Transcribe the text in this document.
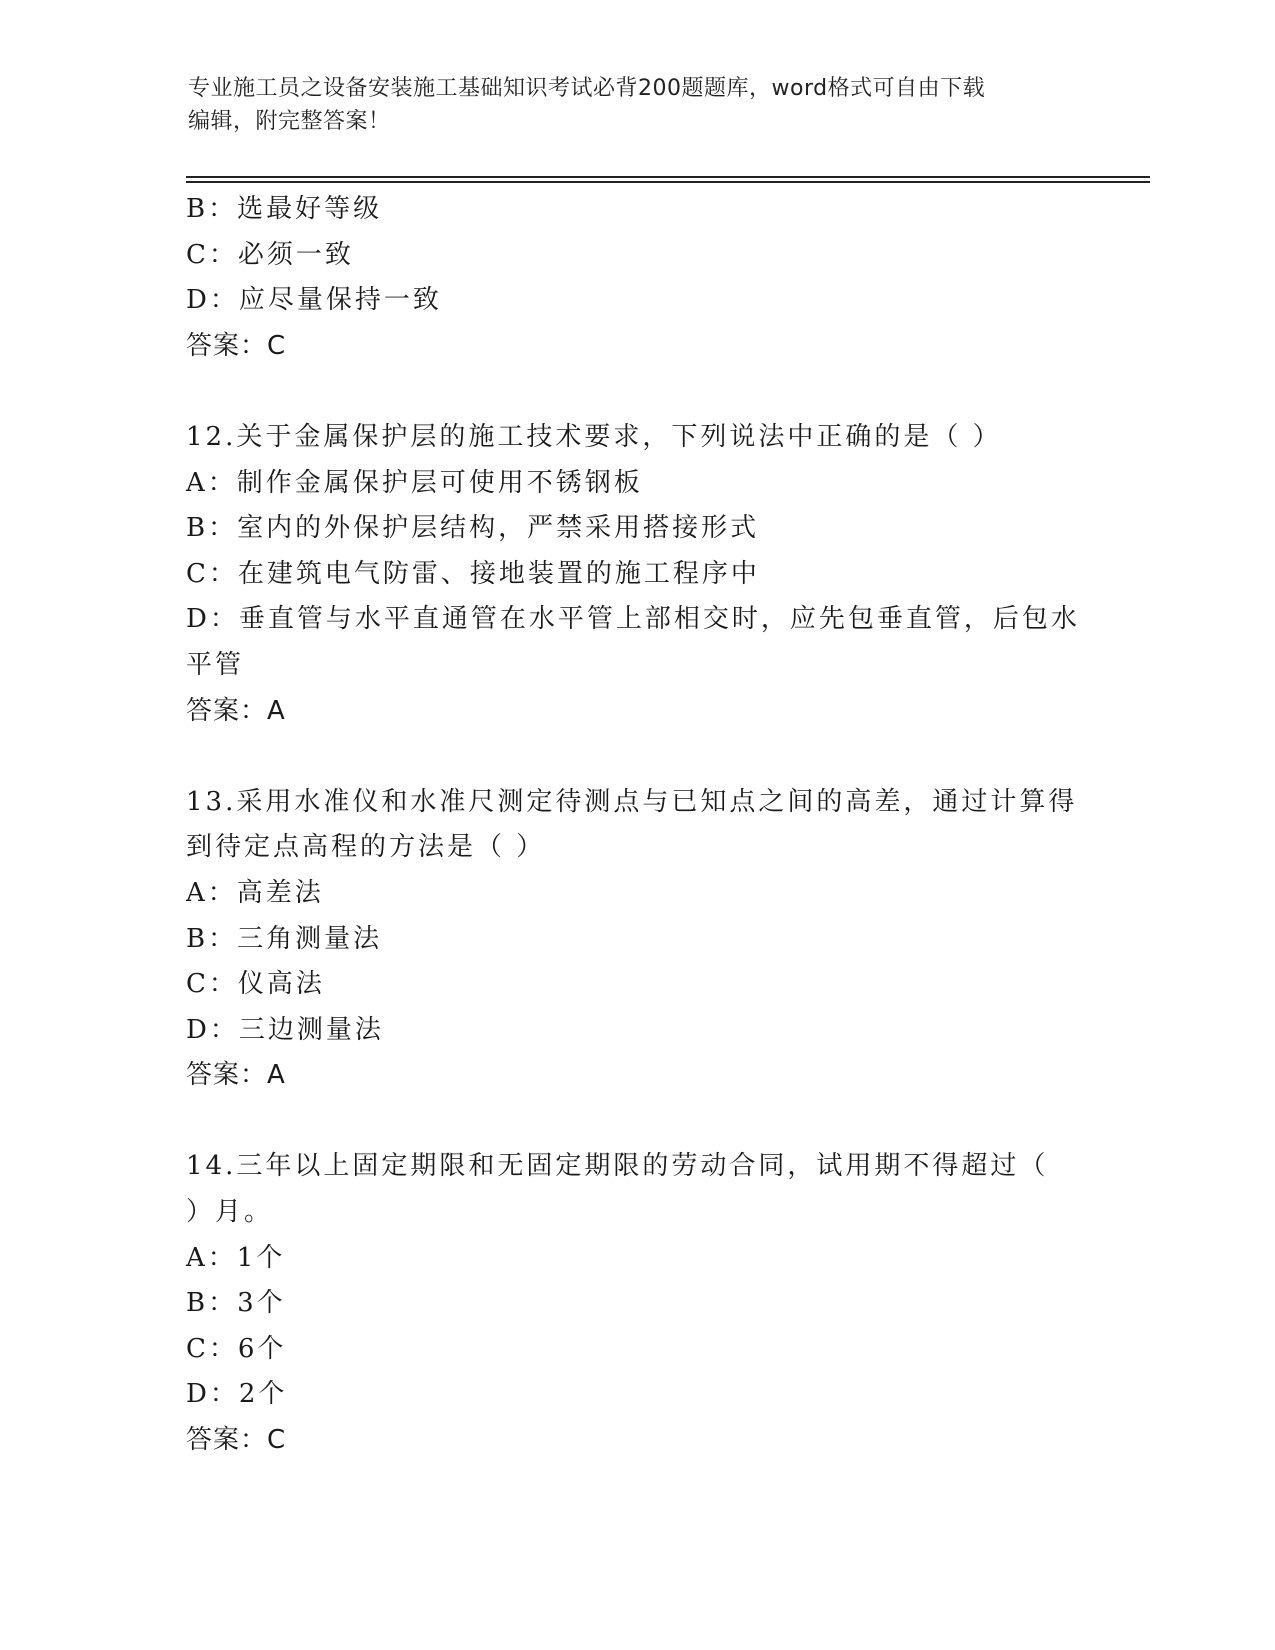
专业施工员之设备安装施工基础知识考试必背200题题库，word格式可自由下载
编辑，附完整答案！
B：选最好等级
C：必须一致
D：应尽量保持一致
答案：C
12.关于金属保护层的施工技术要求，下列说法中正确的是（ ）
A：制作金属保护层可使用不锈钢板
B：室内的外保护层结构，严禁采用搭接形式
C：在建筑电气防雷、接地装置的施工程序中
D：垂直管与水平直通管在水平管上部相交时，应先包垂直管，后包水
平管
答案：A
13.采用水准仪和水准尺测定待测点与已知点之间的高差，通过计算得
到待定点高程的方法是（ ）
A：高差法
B：三角测量法
C：仪高法
D：三边测量法
答案：A
14.三年以上固定期限和无固定期限的劳动合同，试用期不得超过（
）月。
A：1个
B：3个
C：6个
D：2个
答案：C
